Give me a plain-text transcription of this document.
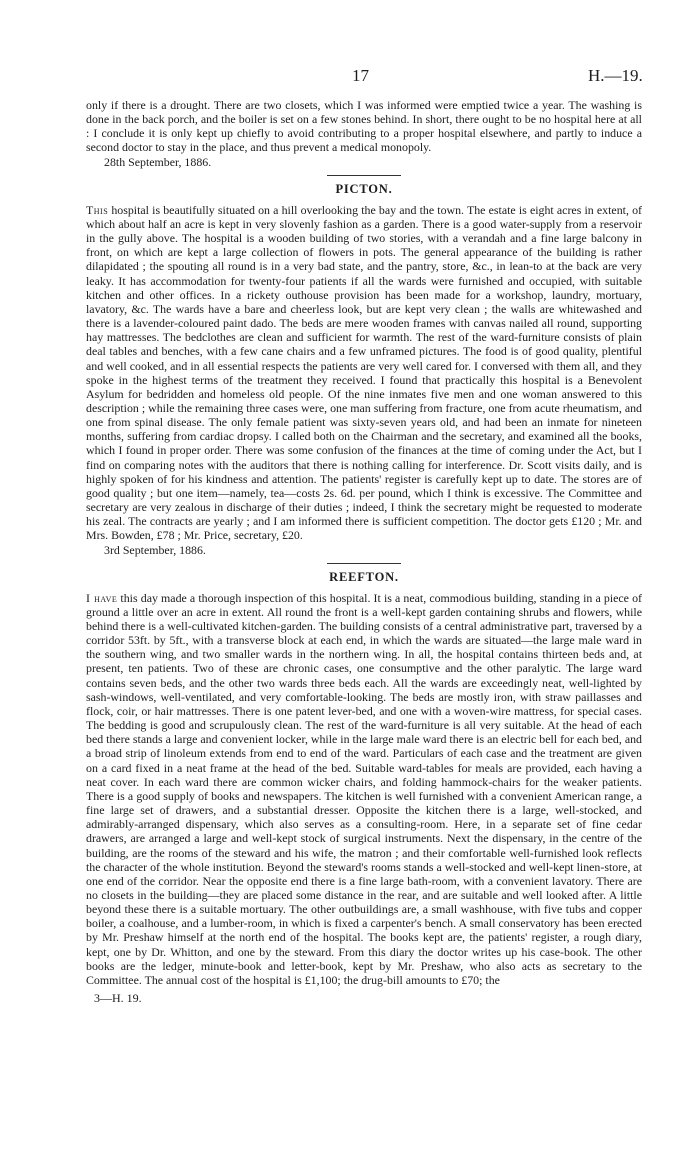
17	H.—19.

only if there is a drought. There are two closets, which I was informed were emptied twice a year. The washing is done in the back porch, and the boiler is set on a few stones behind. In short, there ought to be no hospital here at all : I conclude it is only kept up chiefly to avoid contributing to a proper hospital elsewhere, and partly to induce a second doctor to stay in the place, and thus prevent a medical monopoly.

28th September, 1886.

PICTON.

This hospital is beautifully situated on a hill overlooking the bay and the town. The estate is eight acres in extent, of which about half an acre is kept in very slovenly fashion as a garden. There is a good water-supply from a reservoir in the gully above. The hospital is a wooden building of two stories, with a verandah and a fine large balcony in front, on which are kept a large collection of flowers in pots. The general appearance of the building is rather dilapidated ; the spouting all round is in a very bad state, and the pantry, store, &c., in lean-to at the back are very leaky. It has accommodation for twenty-four patients if all the wards were furnished and occupied, with suitable kitchen and other offices. In a rickety outhouse provision has been made for a workshop, laundry, mortuary, lavatory, &c. The wards have a bare and cheerless look, but are kept very clean ; the walls are whitewashed and there is a lavender-coloured paint dado. The beds are mere wooden frames with canvas nailed all round, supporting hay mattresses. The bedclothes are clean and sufficient for warmth. The rest of the ward-furniture consists of plain deal tables and benches, with a few cane chairs and a few unframed pictures. The food is of good quality, plentiful and well cooked, and in all essential respects the patients are very well cared for. I conversed with them all, and they spoke in the highest terms of the treatment they received. I found that practically this hospital is a Benevolent Asylum for bedridden and homeless old people. Of the nine inmates five men and one woman answered to this description ; while the remaining three cases were, one man suffering from fracture, one from acute rheumatism, and one from spinal disease. The only female patient was sixty-seven years old, and had been an inmate for nineteen months, suffering from cardiac dropsy. I called both on the Chairman and the secretary, and examined all the books, which I found in proper order. There was some confusion of the finances at the time of coming under the Act, but I find on comparing notes with the auditors that there is nothing calling for interference. Dr. Scott visits daily, and is highly spoken of for his kindness and attention. The patients' register is carefully kept up to date. The stores are of good quality ; but one item—namely, tea—costs 2s. 6d. per pound, which I think is excessive. The Committee and secretary are very zealous in discharge of their duties ; indeed, I think the secretary might be requested to moderate his zeal. The contracts are yearly ; and I am informed there is sufficient competition. The doctor gets £120 ; Mr. and Mrs. Bowden, £78 ; Mr. Price, secretary, £20.

3rd September, 1886.

REEFTON.

I have this day made a thorough inspection of this hospital. It is a neat, commodious building, standing in a piece of ground a little over an acre in extent. All round the front is a well-kept garden containing shrubs and flowers, while behind there is a well-cultivated kitchen-garden. The building consists of a central administrative part, traversed by a corridor 53ft. by 5ft., with a transverse block at each end, in which the wards are situated—the large male ward in the southern wing, and two smaller wards in the northern wing. In all, the hospital contains thirteen beds and, at present, ten patients. Two of these are chronic cases, one consumptive and the other paralytic. The large ward contains seven beds, and the other two wards three beds each. All the wards are exceedingly neat, well-lighted by sash-windows, well-ventilated, and very comfortable-looking. The beds are mostly iron, with straw paillasses and flock, coir, or hair mattresses. There is one patent lever-bed, and one with a woven-wire mattress, for special cases. The bedding is good and scrupulously clean. The rest of the ward-furniture is all very suitable. At the head of each bed there stands a large and convenient locker, while in the large male ward there is an electric bell for each bed, and a broad strip of linoleum extends from end to end of the ward. Particulars of each case and the treatment are given on a card fixed in a neat frame at the head of the bed. Suitable ward-tables for meals are provided, each having a neat cover. In each ward there are common wicker chairs, and folding hammock-chairs for the weaker patients. There is a good supply of books and newspapers. The kitchen is well furnished with a convenient American range, a fine large set of drawers, and a substantial dresser. Opposite the kitchen there is a large, well-stocked, and admirably-arranged dispensary, which also serves as a consulting-room. Here, in a separate set of fine cedar drawers, are arranged a large and well-kept stock of surgical instruments. Next the dispensary, in the centre of the building, are the rooms of the steward and his wife, the matron ; and their comfortable well-furnished look reflects the character of the whole institution. Beyond the steward's rooms stands a well-stocked and well-kept linen-store, at one end of the corridor. Near the opposite end there is a fine large bath-room, with a convenient lavatory. There are no closets in the building—they are placed some distance in the rear, and are suitable and well looked after. A little beyond these there is a suitable mortuary. The other outbuildings are, a small washhouse, with five tubs and copper boiler, a coalhouse, and a lumber-room, in which is fixed a carpenter's bench. A small conservatory has been erected by Mr. Preshaw himself at the north end of the hospital. The books kept are, the patients' register, a rough diary, kept, one by Dr. Whitton, and one by the steward. From this diary the doctor writes up his case-book. The other books are the ledger, minute-book and letter-book, kept by Mr. Preshaw, who also acts as secretary to the Committee. The annual cost of the hospital is £1,100; the drug-bill amounts to £70; the

3—H. 19.
